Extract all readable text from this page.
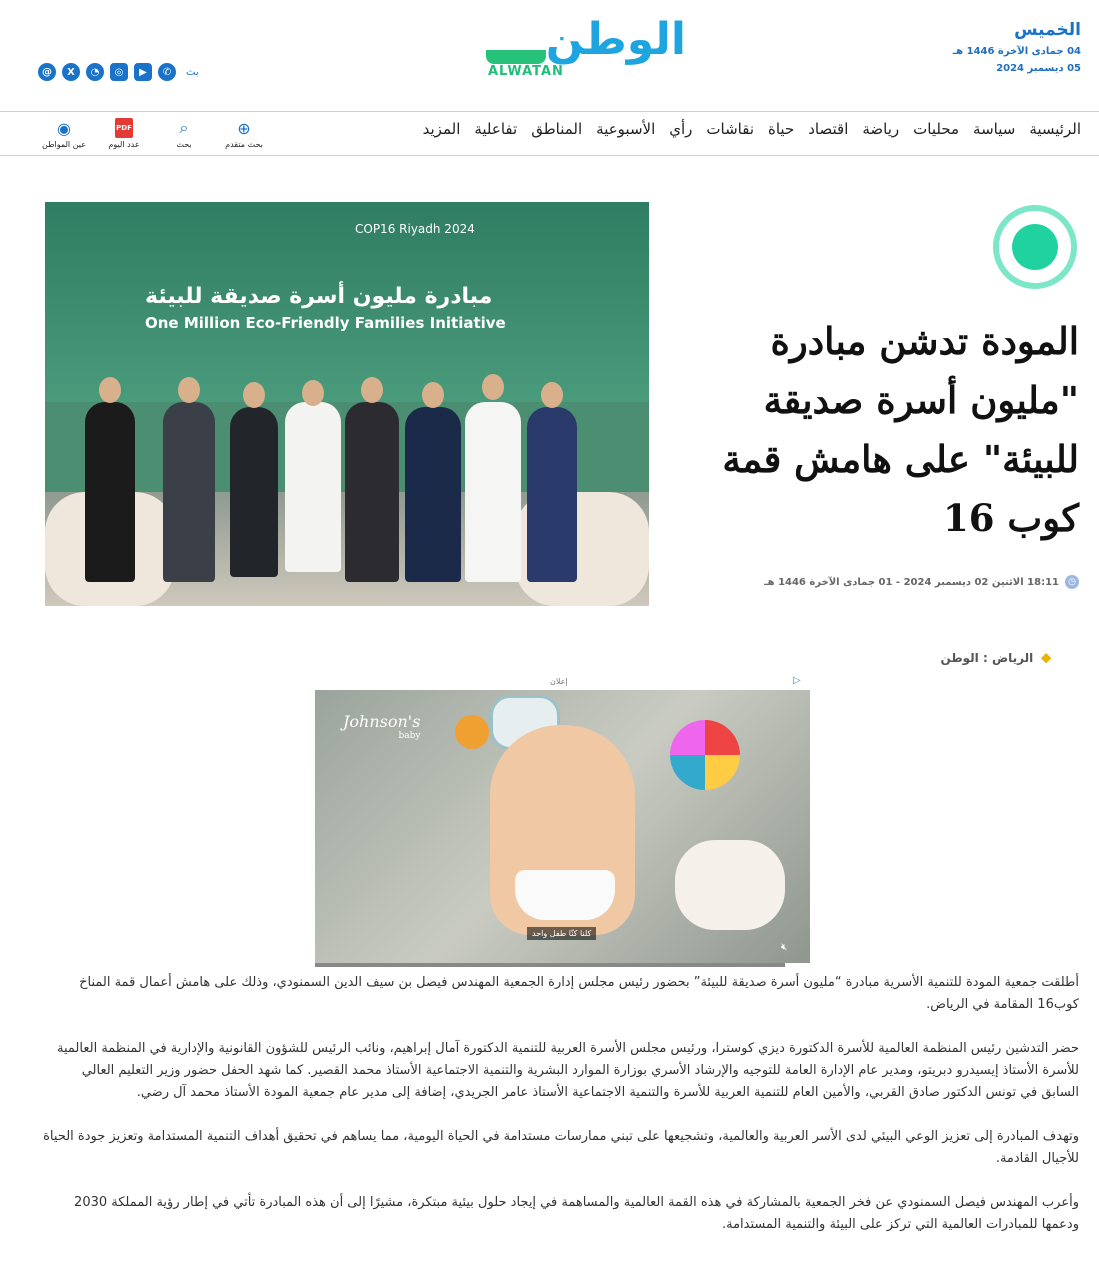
الخميس
04 جمادى الآخرة 1446 هـ
05 ديسمبر 2024
الوطن
ALWATAN
@	X	◔	◎	▶	✆	بث
الرئيسية
سياسة
محليات
رياضة
اقتصاد
حياة
نقاشات
رأي
الأسبوعية
المناطق
تفاعلية
المزيد
⊕
بحث متقدم
⌕
بحث
PDF
عدد اليوم
◉
عين المواطن
COP16 Riyadh 2024
مبادرة مليون أسرة صديقة للبيئة
One Million Eco-Friendly Families Initiative	المودة تدشن مبادرة "مليون أسرة صديقة للبيئة" على هامش قمة كوب 16
◷
18:11 الاثنين 02 ديسمبر 2024 - 01 جمادى الآخرة 1446 هـ
⬥
الرياض : الوطن
إعلان	▷
Johnson's
baby
كلنا كنّا طفل واحد
🔇︎

أطلقت جمعية المودة للتنمية الأسرية مبادرة “مليون أسرة صديقة للبيئة” بحضور رئيس مجلس إدارة الجمعية المهندس فيصل بن سيف الدين السمنودي، وذلك على هامش أعمال قمة المناخ كوب16 المقامة في الرياض.

حضر التدشين رئيس المنظمة العالمية للأسرة الدكتورة ديزي كوسترا، ورئيس مجلس الأسرة العربية للتنمية الدكتورة آمال إبراهيم، ونائب الرئيس للشؤون القانونية والإدارية في المنظمة العالمية للأسرة الأستاذ إيسيدرو دبريتو، ومدير عام الإدارة العامة للتوجيه والإرشاد الأسري بوزارة الموارد البشرية والتنمية الاجتماعية الأستاذ محمد القصير. كما شهد الحفل حضور وزير التعليم العالي السابق في تونس الدكتور صادق القربي، والأمين العام للتنمية العربية للأسرة والتنمية الاجتماعية الأستاذ عامر الجريدي، إضافة إلى مدير عام جمعية المودة الأستاذ محمد آل رضي.

وتهدف المبادرة إلى تعزيز الوعي البيئي لدى الأسر العربية والعالمية، وتشجيعها على تبني ممارسات مستدامة في الحياة اليومية، مما يساهم في تحقيق أهداف التنمية المستدامة وتعزيز جودة الحياة للأجيال القادمة.

وأعرب المهندس فيصل السمنودي عن فخر الجمعية بالمشاركة في هذه القمة العالمية والمساهمة في إيجاد حلول بيئية مبتكرة، مشيرًا إلى أن هذه المبادرة تأتي في إطار رؤية المملكة 2030 ودعمها للمبادرات العالمية التي تركز على البيئة والتنمية المستدامة.
